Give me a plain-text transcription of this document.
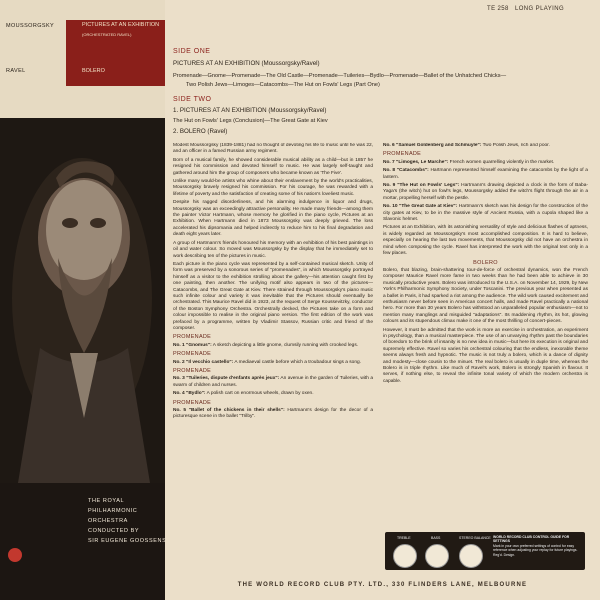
TE 258 LONG PLAYING
MOUSSORGSKY
RAVEL
PICTURES AT AN EXHIBITION
(ORCHESTRATED RAVEL)
BOLERO
THE ROYAL
PHILHARMONIC
ORCHESTRA
CONDUCTED BY
SIR EUGENE GOOSSENS
SIDE ONE
PICTURES AT AN EXHIBITION (Moussorgsky/Ravel)
Promenade—Gnome—Promenade—The Old Castle—Promenade—Tuileries—Bydlo—Promenade—Ballet of the Unhatched Chicks—
Two Polish Jews—Limoges—Catacombs—The Hut on Fowls' Legs (Part One)
SIDE TWO
1. PICTURES AT AN EXHIBITION (Moussorgsky/Ravel)
The Hut on Fowls' Legs (Conclusion)—The Great Gate at Kiev
2. BOLERO (Ravel)

Modest Moussorgsky (1839-1881) had no thought of devoting his life to music until he was 22, and an officer in a famed Russian army regiment.

Born of a musical family, he showed considerable musical ability as a child—but in 1857 he resigned his commission and devoted himself to music. He was largely self-taught and gathered around him the group of composers who became known as 'The Five'.

Unlike many would-be artists who whine about their enslavement by the world's practicalities, Moussorgsky bravely resigned his commission. For his courage, he was rewarded with a lifetime of poverty and the satisfaction of creating some of his nation's loveliest music.

Despite his ragged disorderliness, and his alarming indulgence in liquor and drugs, Moussorgsky was an exceedingly attractive personality. He made many friends—among them the painter Victor Hartmann, whose memory he glorified in the piano cycle, Pictures at an Exhibition. When Hartmann died in 1873 Moussorgsky was deeply grieved. The loss accelerated his dipsomania and helped indirectly to reduce him to his final degradation and death eight years later.

A group of Hartmann's friends honoured his memory with an exhibition of his best paintings in oil and water colour. So moved was Moussorgsky by the display that he immediately set to work describing ten of the pictures in music.

Each picture in the piano cycle was represented by a self-contained musical sketch. Unity of form was preserved by a sonorous series of "promenades", in which Moussorgsky portrayed himself as a visitor to the exhibition strolling about the gallery—his attention caught first by one painting, then another. The unifying motif also appears in two of the pictures—Catacombs, and The Great Gate at Kiev. There strained through Moussorgsky's piano music such infinite colour and variety it was inevitable that the Pictures should eventually be orchestrated. This Maurice Ravel did in 1923, at the request of Serge Koussevitzky, conductor of the Boston Symphony Orchestra. Orchestrally decked, the Pictures take on a form and colour impossible to realise in the original piano version. The first edition of the work was prefaced by a programme, written by Vladimir Stassov, Russian critic and friend of the composer.

PROMENADE

No. 1 "Gnomus": A sketch depicting a little gnome, clumsily running with crooked legs.

PROMENADE

No. 2 "Il vecchio castello": A mediaeval castle before which a troubadour sings a song.

PROMENADE

No. 3 "Tuileries, dispute d'enfants après jeux": An avenue in the garden of Tuileries, with a swarm of children and nurses.

No. 4 "Bydlo": A polish cart on enormous wheels, drawn by oxen.

PROMENADE

No. 5 "Ballet of the chickens in their shells": Hartmann's design for the decor of a picturesque scene in the ballet "Trilby".

No. 6 "Samuel Goldenberg and Schmuyle": Two Polish Jews, rich and poor.

PROMENADE

No. 7 "Limoges, Le Marche": French women quarrelling violently in the market.

No. 8 "Catacombs": Hartmann represented himself examining the catacombs by the light of a lantern.

No. 9 "The Hut on Fowls' Legs": Hartmann's drawing depicted a clock in the form of Baba-Yaga's (the witch) hut on fowl's legs, Moussorgsky added the witch's flight through the air in a mortar, propelling herself with the pestle.

No. 10 "The Great Gate at Kiev": Hartmann's sketch was his design for the construction of the city gates at Kiev, to be in the massive style of Ancient Russia, with a cupola shaped like a Slavonic helmet.

Pictures at an Exhibition, with its astonishing versatility of style and delicious flashes of aptness, is widely regarded as Moussorgsky's most accomplished composition. It is hard to believe, especially on hearing the last two movements, that Moussorgsky did not have an orchestra in mind when composing the cycle. Ravel has interpreted the work with the original text only in a few places.

BOLERO

Bolero, that blazing, brain-shattering tour-de-force of orchestral dynamics, won the French composer Maurice Ravel more fame in two weeks than he had been able to achieve in 30 musically productive years. Bolero was introduced to the U.S.A. on November 14, 1929, by New York's Philharmonic Symphony Society, under Toscanini. The previous year when presented as a ballet in Paris, it had sparked a riot among the audience. The wild work caused excitement and enthusiasm never before seen in American concert halls, and made Ravel practically a national hero. For more than 30 years Bolero has withstood an unparalleled popular enthusiasm—not to mention many manglings and misguided "adaptations". Its maddening rhythm, its hot, glowing colours and its stupendous climax make it one of the most thrilling of concert-pieces.

However, it must be admitted that the work is more an exercise in orchestration, an experiment in psychology, than a musical masterpiece. The use of an unvarying rhythm past the boundaries of boredom to the brink of insanity is no new idea in music—but here its execution is original and supremely effective. Ravel so varies his orchestral colouring that the endless, inexorable theme seems always fresh and hypnotic. The music is not truly a bolero, which is a dance of dignity and modesty—close cousin to the minuet. The real bolero is usually in duple time, whereas the Bolero is in triple rhythm. Like much of Ravel's work, Bolero is strongly Spanish in flavour. It serves, if nothing else, to reveal the infinite tonal variety of which the modern orchestra is capable.

TREBLE	BASS	STEREO BALANCE WORLD RECORD CLUB CONTROL GUIDE FOR SETTINGS
Mark in your own preferred settings of control for easy reference when adjusting your replay for future playings. Reg'd. Design.
THE WORLD RECORD CLUB PTY. LTD., 330 FLINDERS LANE, MELBOURNE
